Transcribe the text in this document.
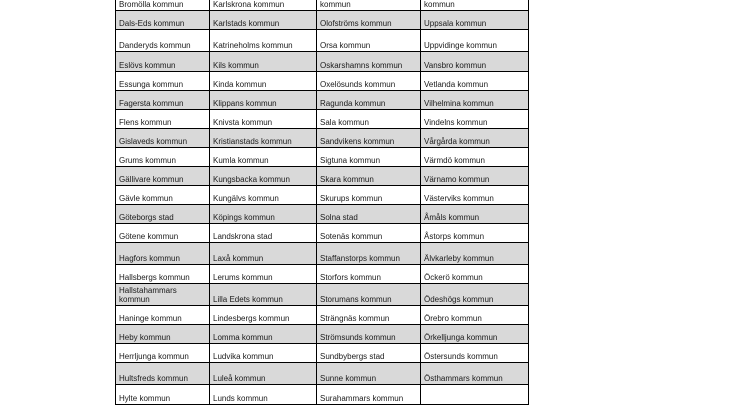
Bromölla kommun	Karlskrona kommun	kommun	kommun
Dals-Eds kommun	Karlstads kommun	Olofströms kommun	Uppsala kommun
Danderyds kommun	Katrineholms kommun	Orsa kommun	Uppvidinge kommun
Eslövs kommun	Kils kommun	Oskarshamns kommun	Vansbro kommun
Essunga kommun	Kinda kommun	Oxelösunds kommun	Vetlanda kommun
Fagersta kommun	Klippans kommun	Ragunda kommun	Vilhelmina kommun
Flens kommun	Knivsta kommun	Sala kommun	Vindelns kommun
Gislaveds kommun	Kristianstads kommun	Sandvikens kommun	Vårgårda kommun
Grums kommun	Kumla kommun	Sigtuna kommun	Värmdö kommun
Gällivare kommun	Kungsbacka kommun	Skara kommun	Värnamo kommun
Gävle kommun	Kungälvs kommun	Skurups kommun	Västerviks kommun
Göteborgs stad	Köpings kommun	Solna stad	Åmåls kommun
Götene kommun	Landskrona stad	Sotenäs kommun	Åstorps kommun
Hagfors kommun	Laxå kommun	Staffanstorps kommun	Älvkarleby kommun
Hallsbergs kommun	Lerums kommun	Storfors kommun	Öckerö kommun
Hallstahammars kommun	Lilla Edets kommun	Storumans kommun	Ödeshögs kommun
Haninge kommun	Lindesbergs kommun	Strängnäs kommun	Örebro kommun
Heby kommun	Lomma kommun	Strömsunds kommun	Örkelljunga kommun
Herrljunga kommun	Ludvika kommun	Sundbybergs stad	Östersunds kommun
Hultsfreds kommun	Luleå kommun	Sunne kommun	Östhammars kommun
Hylte kommun	Lunds kommun	Surahammars kommun	
